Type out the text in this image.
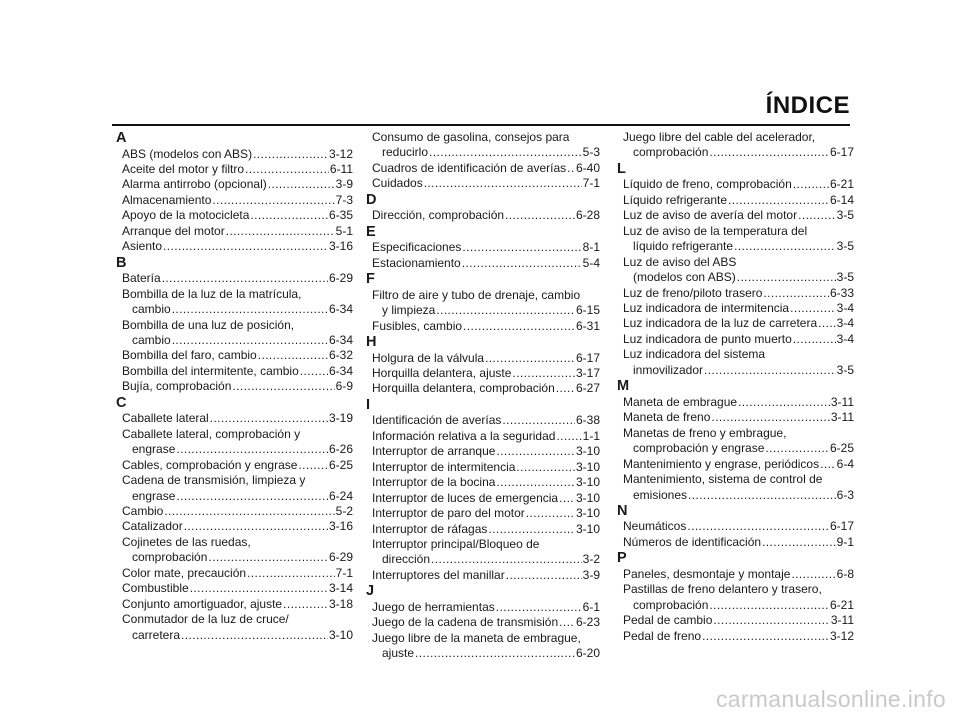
ÍNDICE
A
ABS (modelos con ABS) .....	3-12
Aceite del motor y filtro .....	6-11
Alarma antirrobo (opcional) .....	3-9
Almacenamiento .....	7-3
Apoyo de la motocicleta .....	6-35
Arranque del motor .....	5-1
Asiento .....	3-16
B
Batería .....	6-29
Bombilla de la luz de la matrícula,
cambio .....	6-34
Bombilla de una luz de posición,
cambio .....	6-34
Bombilla del faro, cambio .....	6-32
Bombilla del intermitente, cambio .....	6-34
Bujía, comprobación .....	6-9
C
Caballete lateral .....	3-19
Caballete lateral, comprobación y
engrase .....	6-26
Cables, comprobación y engrase .....	6-25
Cadena de transmisión, limpieza y
engrase .....	6-24
Cambio .....	5-2
Catalizador .....	3-16
Cojinetes de las ruedas,
comprobación .....	6-29
Color mate, precaución .....	7-1
Combustible .....	3-14
Conjunto amortiguador, ajuste .....	3-18
Conmutador de la luz de cruce/
carretera .....	3-10
Consumo de gasolina, consejos para
reducirlo .....	5-3
Cuadros de identificación de averías ..... 6-40
Cuidados .....	7-1
D
Dirección, comprobación .....	6-28
E
Especificaciones .....	8-1
Estacionamiento .....	5-4
F
Filtro de aire y tubo de drenaje, cambio
y limpieza .....	6-15
Fusibles, cambio .....	6-31
H
Holgura de la válvula .....	6-17
Horquilla delantera, ajuste .....	3-17
Horquilla delantera, comprobación ..... 6-27
I
Identificación de averías .....	6-38
Información relativa a la seguridad ..... 1-1
Interruptor de arranque .....	3-10
Interruptor de intermitencia .....	3-10
Interruptor de la bocina .....	3-10
Interruptor de luces de emergencia ..... 3-10
Interruptor de paro del motor .....	3-10
Interruptor de ráfagas .....	3-10
Interruptor principal/Bloqueo de
dirección .....	3-2
Interruptores del manillar .....	3-9
J
Juego de herramientas .....	6-1
Juego de la cadena de transmisión ..... 6-23
Juego libre de la maneta de embrague,
ajuste .....	6-20
Juego libre del cable del acelerador,
comprobación .....	6-17
L
Líquido de freno, comprobación .....	6-21
Líquido refrigerante .....	6-14
Luz de aviso de avería del motor .....	3-5
Luz de aviso de la temperatura del
líquido refrigerante .....	3-5
Luz de aviso del ABS
(modelos con ABS) .....	3-5
Luz de freno/piloto trasero .....	6-33
Luz indicadora de intermitencia .....	3-4
Luz indicadora de la luz de carretera ..... 3-4
Luz indicadora de punto muerto .....	3-4
Luz indicadora del sistema
inmovilizador .....	3-5
M
Maneta de embrague .....	3-11
Maneta de freno .....	3-11
Manetas de freno y embrague,
comprobación y engrase .....	6-25
Mantenimiento y engrase, periódicos ..... 6-4
Mantenimiento, sistema de control de
emisiones .....	6-3
N
Neumáticos .....	6-17
Números de identificación .....	9-1
P
Paneles, desmontaje y montaje .....	6-8
Pastillas de freno delantero y trasero,
comprobación .....	6-21
Pedal de cambio .....	3-11
Pedal de freno .....	3-12
carmanualsonline.info
